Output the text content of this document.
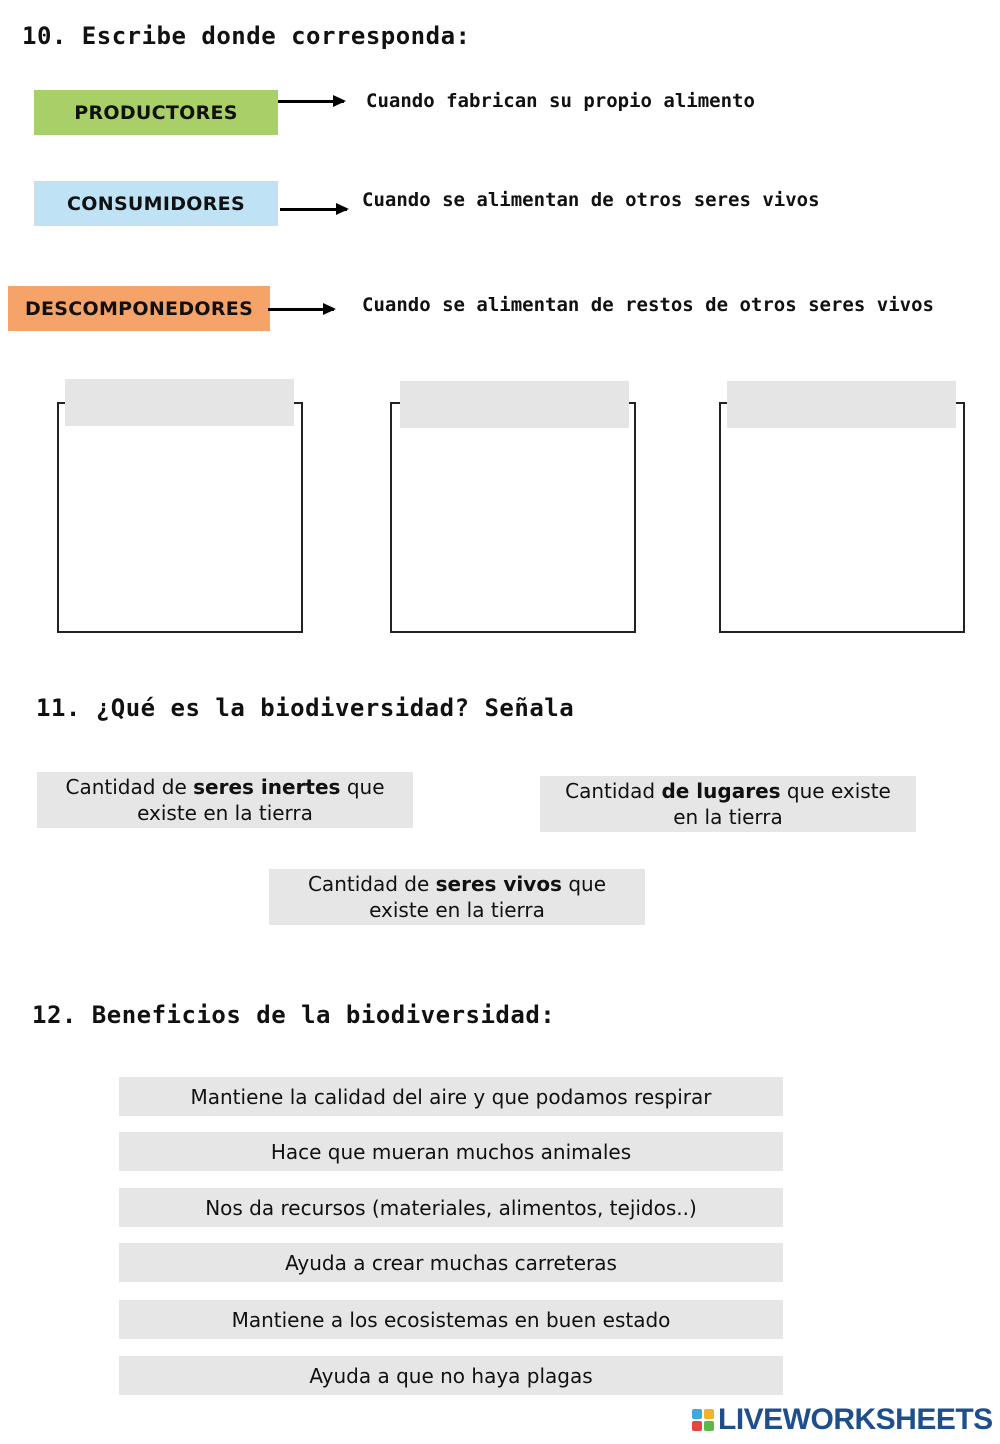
10. Escribe donde corresponda:
PRODUCTORES
Cuando fabrican su propio alimento
CONSUMIDORES	Cuando se alimentan de otros seres vivos
DESCOMPONEDORES	Cuando se alimentan de restos de otros seres vivos
11. ¿Qué es la biodiversidad? Señala
Cantidad de seres inertes que
existe en la tierra
Cantidad de lugares que existe
en la tierra
Cantidad de seres vivos que
existe en la tierra
12. Beneficios de la biodiversidad:
Mantiene la calidad del aire y que podamos respirar
Hace que mueran muchos animales
Nos da recursos (materiales, alimentos, tejidos..)
Ayuda a crear muchas carreteras
Mantiene a los ecosistemas en buen estado
Ayuda a que no haya plagas
LIVEWORKSHEETS
